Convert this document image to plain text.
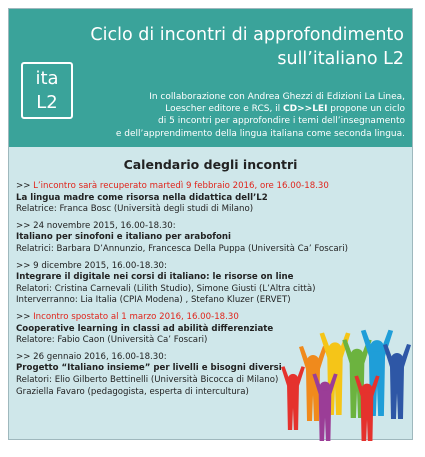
Ciclo di incontri di approfondimento
sull’italiano L2
ita
L2	In collaborazione con Andrea Ghezzi di Edizioni La Linea,
Loescher editore e RCS, il CD>>LEI propone un ciclo
di 5 incontri per approfondire i temi dell’insegnamento
e dell’apprendimento della lingua italiana come seconda lingua.
Calendario degli incontri
>> L’incontro sarà recuperato martedì 9 febbraio 2016, ore 16.00-18.30
La lingua madre come risorsa nella didattica dell’L2
Relatrice: Franca Bosc (Università degli studi di Milano)
>> 24 novembre 2015, 16.00-18.30:
Italiano per sinofoni e italiano per arabofoni
Relatrici: Barbara D’Annunzio, Francesca Della Puppa (Università Ca’ Foscari)
>> 9 dicembre 2015, 16.00-18.30:
Integrare il digitale nei corsi di italiano: le risorse on line
Relatori: Cristina Carnevali (Lilith Studio), Simone Giusti (L’Altra città)
Interverranno: Lia Italia (CPIA Modena) , Stefano Kluzer (ERVET)
>> Incontro spostato al 1 marzo 2016, 16.00-18.30
Cooperative learning in classi ad abilità differenziate
Relatore: Fabio Caon (Università Ca’ Foscari)
>> 26 gennaio 2016, 16.00-18.30:
Progetto “Italiano insieme” per livelli e bisogni diversi
Relatori: Elio Gilberto Bettinelli (Università Bicocca di Milano)
Graziella Favaro (pedagogista, esperta di intercultura)
